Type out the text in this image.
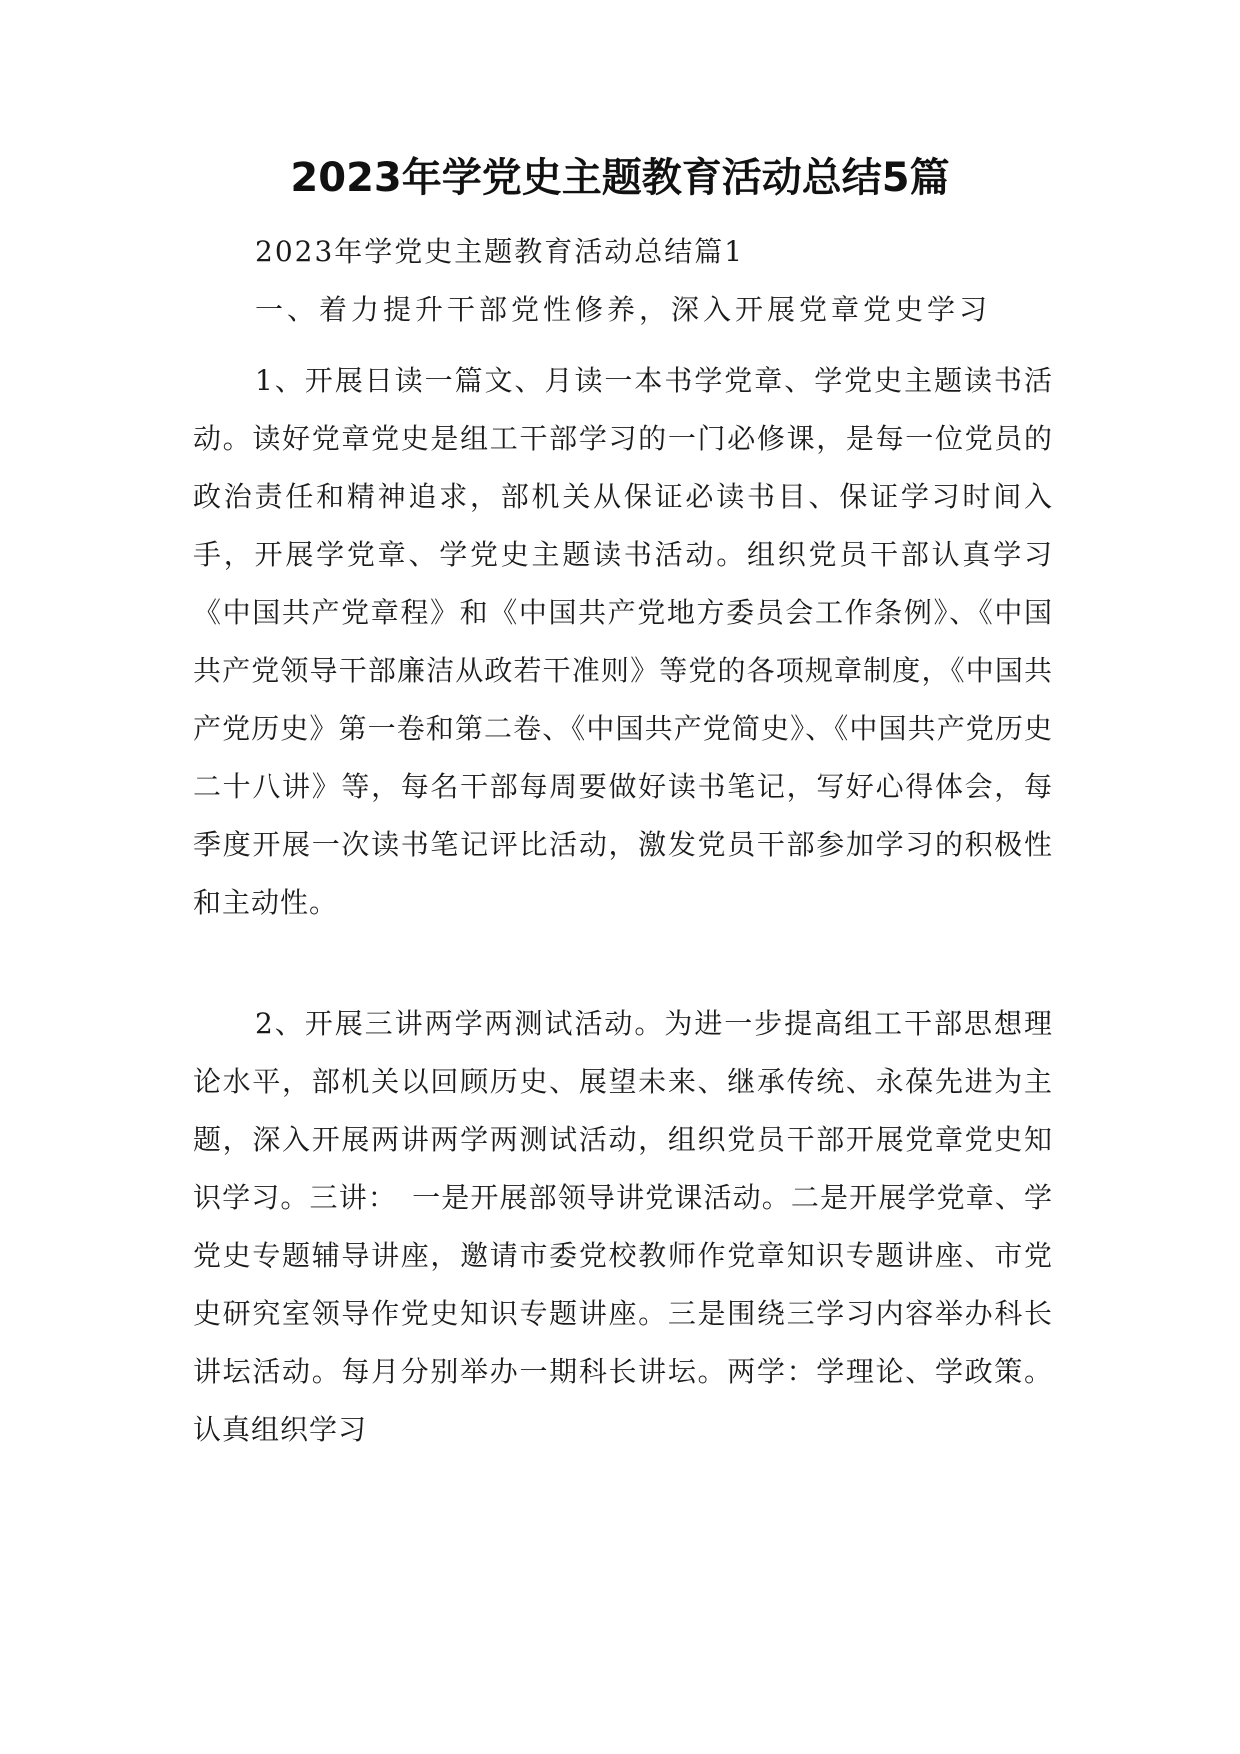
2023年学党史主题教育活动总结5篇

2023年学党史主题教育活动总结篇1

一、着力提升干部党性修养，深入开展党章党史学习

1、开展日读一篇文、月读一本书学党章、学党史主题读书活动。读好党章党史是组工干部学习的一门必修课，是每一位党员的政治责任和精神追求，部机关从保证必读书目、保证学习时间入手，开展学党章、学党史主题读书活动。组织党员干部认真学习《中国共产党章程》和《中国共产党地方委员会工作条例》、《中国共产党领导干部廉洁从政若干准则》等党的各项规章制度，《中国共产党历史》第一卷和第二卷、《中国共产党简史》、《中国共产党历史二十八讲》等，每名干部每周要做好读书笔记，写好心得体会，每季度开展一次读书笔记评比活动，激发党员干部参加学习的积极性和主动性。

2、开展三讲两学两测试活动。为进一步提高组工干部思想理论水平，部机关以回顾历史、展望未来、继承传统、永葆先进为主题，深入开展两讲两学两测试活动，组织党员干部开展党章党史知识学习。三讲：　一是开展部领导讲党课活动。二是开展学党章、学党史专题辅导讲座，邀请市委党校教师作党章知识专题讲座、市党史研究室领导作党史知识专题讲座。三是围绕三学习内容举办科长讲坛活动。每月分别举办一期科长讲坛。两学：学理论、学政策。认真组织学习
